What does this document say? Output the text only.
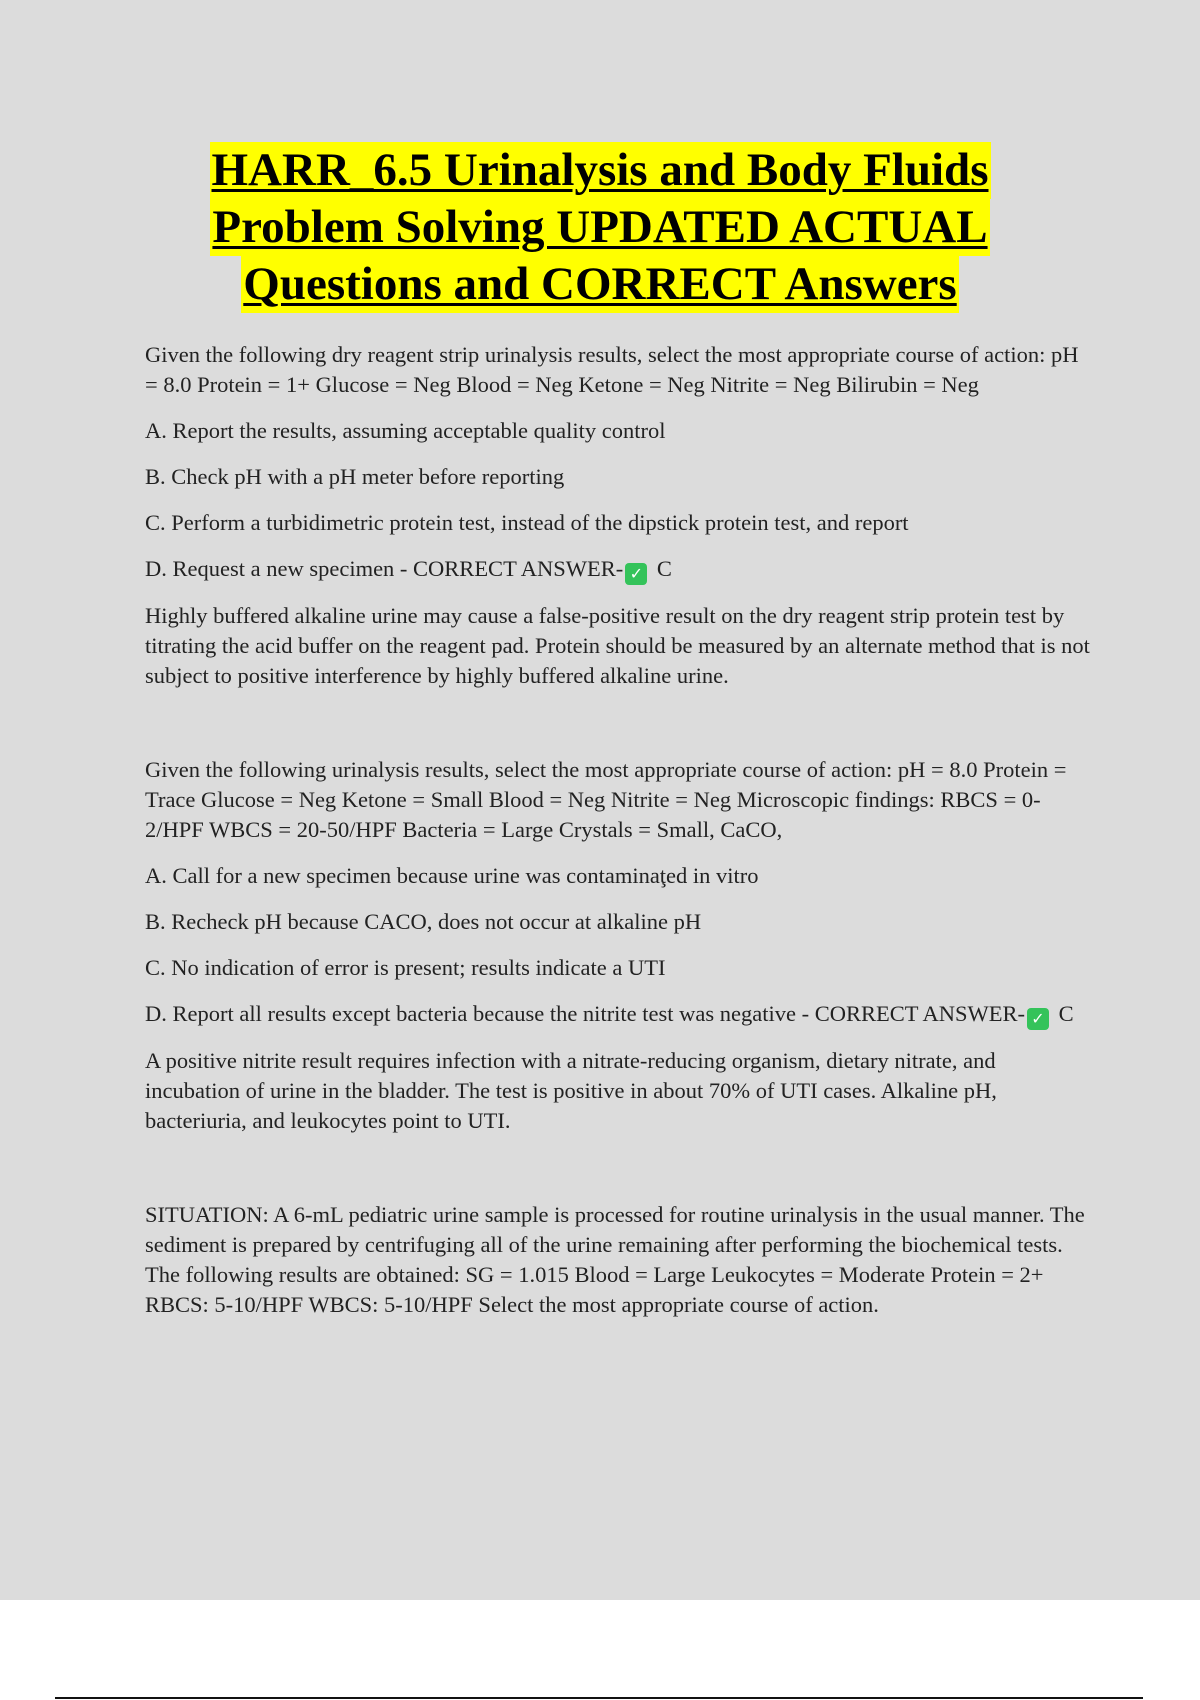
HARR_6.5 Urinalysis and Body Fluids
Problem Solving UPDATED ACTUAL
Questions and CORRECT Answers

Given the following dry reagent strip urinalysis results, select the most appropriate course of action: pH = 8.0 Protein = 1+ Glucose = Neg Blood = Neg Ketone = Neg Nitrite = Neg Bilirubin = Neg

A. Report the results, assuming acceptable quality control

B. Check pH with a pH meter before reporting

C. Perform a turbidimetric protein test, instead of the dipstick protein test, and report

D. Request a new specimen - CORRECT ANSWER- ✓ C

Highly buffered alkaline urine may cause a false-positive result on the dry reagent strip protein test by titrating the acid buffer on the reagent pad. Protein should be measured by an alternate method that is not subject to positive interference by highly buffered alkaline urine.

Given the following urinalysis results, select the most appropriate course of action: pH = 8.0 Protein = Trace Glucose = Neg Ketone = Small Blood = Neg Nitrite = Neg Microscopic findings: RBCS = 0-2/HPF WBCS = 20-50/HPF Bacteria = Large Crystals = Small, CaCO,

A. Call for a new specimen because urine was contaminaţed in vitro

B. Recheck pH because CACO, does not occur at alkaline pH

C. No indication of error is present; results indicate a UTI

D. Report all results except bacteria because the nitrite test was negative - CORRECT ANSWER- ✓ C

A positive nitrite result requires infection with a nitrate-reducing organism, dietary nitrate, and incubation of urine in the bladder. The test is positive in about 70% of UTI cases. Alkaline pH, bacteriuria, and leukocytes point to UTI.

SITUATION: A 6-mL pediatric urine sample is processed for routine urinalysis in the usual manner. The sediment is prepared by centrifuging all of the urine remaining after performing the biochemical tests. The following results are obtained: SG = 1.015 Blood = Large Leukocytes = Moderate Protein = 2+ RBCS: 5-10/HPF WBCS: 5-10/HPF Select the most appropriate course of action.
